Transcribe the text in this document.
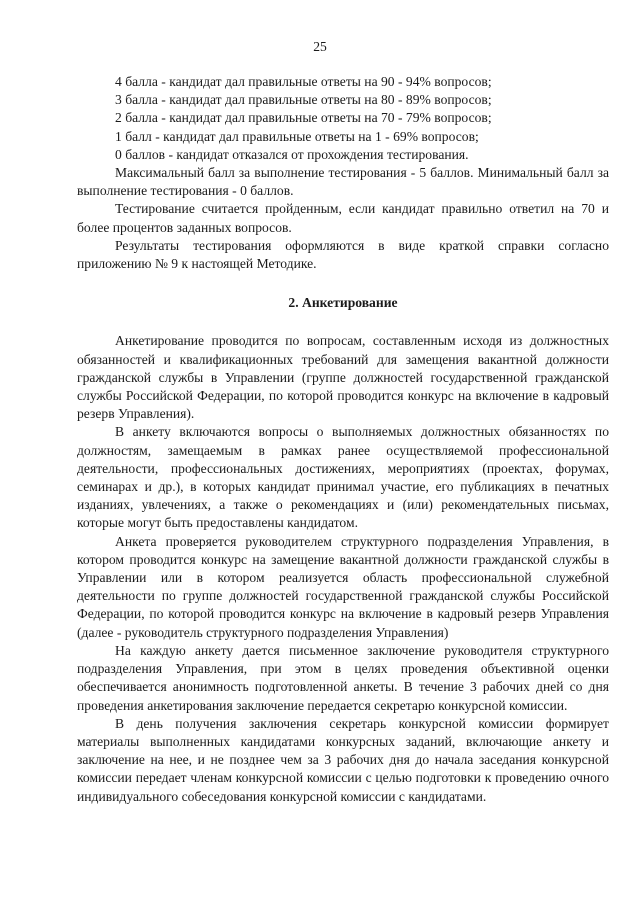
25

4 балла - кандидат дал правильные ответы на 90 - 94% вопросов;

3 балла - кандидат дал правильные ответы на 80 - 89% вопросов;

2 балла - кандидат дал правильные ответы на 70 - 79% вопросов;

1 балл - кандидат дал правильные ответы на 1 - 69% вопросов;

0 баллов - кандидат отказался от прохождения тестирования.

Максимальный балл за выполнение тестирования - 5 баллов. Минимальный балл за выполнение тестирования - 0 баллов.

Тестирование считается пройденным, если кандидат правильно ответил на 70 и более процентов заданных вопросов.

Результаты тестирования оформляются в виде краткой справки согласно приложению № 9 к настоящей Методике.

2. Анкетирование

Анкетирование проводится по вопросам, составленным исходя из должностных обязанностей и квалификационных требований для замещения вакантной должности гражданской службы в Управлении (группе должностей государственной гражданской службы Российской Федерации, по которой проводится конкурс на включение в кадровый резерв Управления).

В анкету включаются вопросы о выполняемых должностных обязанностях по должностям, замещаемым в рамках ранее осуществляемой профессиональной деятельности, профессиональных достижениях, мероприятиях (проектах, форумах, семинарах и др.), в которых кандидат принимал участие, его публикациях в печатных изданиях, увлечениях, а также о рекомендациях и (или) рекомендательных письмах, которые могут быть предоставлены кандидатом.

Анкета проверяется руководителем структурного подразделения Управления, в котором проводится конкурс на замещение вакантной должности гражданской службы в Управлении или в котором реализуется область профессиональной служебной деятельности по группе должностей государственной гражданской службы Российской Федерации, по которой проводится конкурс на включение в кадровый резерв Управления (далее - руководитель структурного подразделения Управления)

На каждую анкету дается письменное заключение руководителя структурного подразделения Управления, при этом в целях проведения объективной оценки обеспечивается анонимность подготовленной анкеты. В течение 3 рабочих дней со дня проведения анкетирования заключение передается секретарю конкурсной комиссии.

В день получения заключения секретарь конкурсной комиссии формирует материалы выполненных кандидатами конкурсных заданий, включающие анкету и заключение на нее, и не позднее чем за 3 рабочих дня до начала заседания конкурсной комиссии передает членам конкурсной комиссии с целью подготовки к проведению очного индивидуального собеседования конкурсной комиссии с кандидатами.
